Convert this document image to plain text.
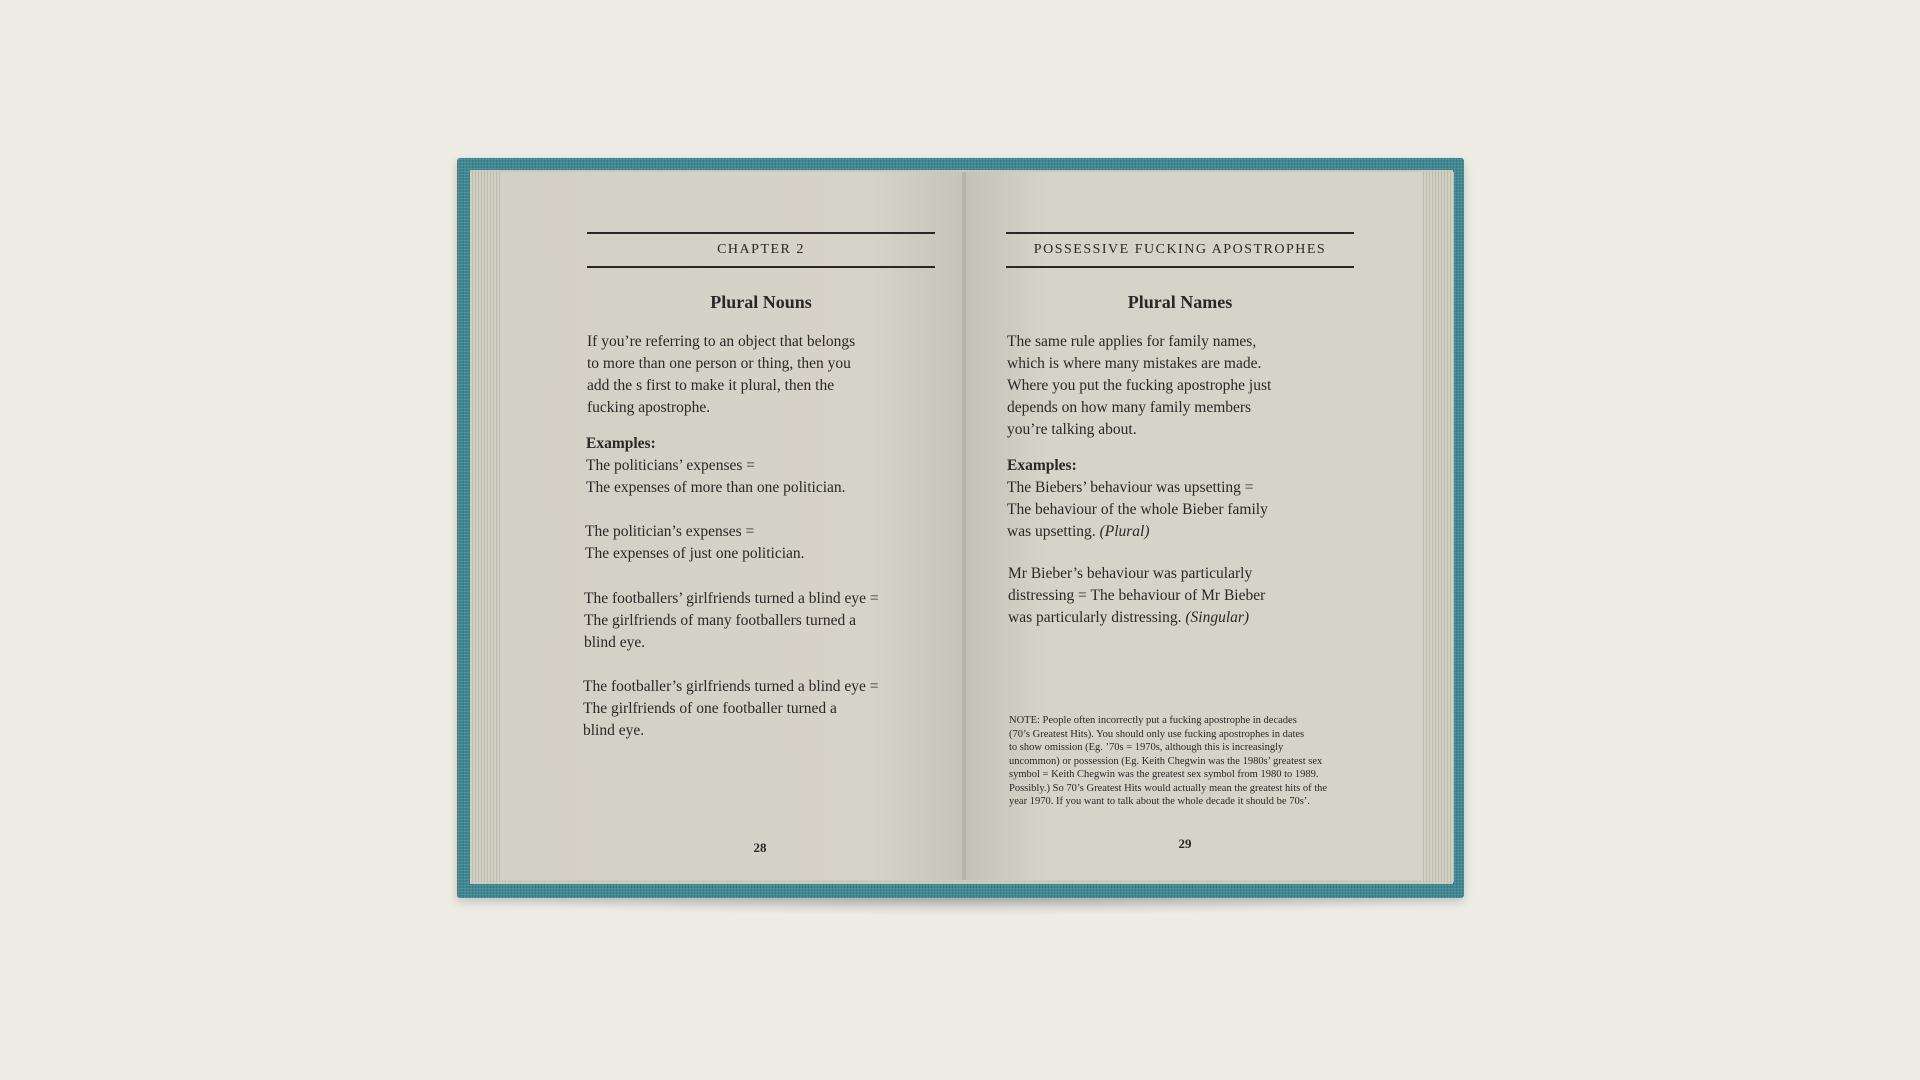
CHAPTER 2
Plural Nouns
If you’re referring to an object that belongs
to more than one person or thing, then you
add the s first to make it plural, then the
fucking apostrophe.
Examples:
The politicians’ expenses =
The expenses of more than one politician.
The politician’s expenses =
The expenses of just one politician.
The footballers’ girlfriends turned a blind eye =
The girlfriends of many footballers turned a
blind eye.
The footballer’s girlfriends turned a blind eye =
The girlfriends of one footballer turned a
blind eye.
28
POSSESSIVE FUCKING APOSTROPHES
Plural Names
The same rule applies for family names,
which is where many mistakes are made.
Where you put the fucking apostrophe just
depends on how many family members
you’re talking about.
Examples:
The Biebers’ behaviour was upsetting =
The behaviour of the whole Bieber family
was upsetting. (Plural)
Mr Bieber’s behaviour was particularly
distressing = The behaviour of Mr Bieber
was particularly distressing. (Singular)
NOTE: People often incorrectly put a fucking apostrophe in decades
(70’s Greatest Hits). You should only use fucking apostrophes in dates
to show omission (Eg. ’70s = 1970s, although this is increasingly
uncommon) or possession (Eg. Keith Chegwin was the 1980s’ greatest sex
symbol = Keith Chegwin was the greatest sex symbol from 1980 to 1989.
Possibly.) So 70’s Greatest Hits would actually mean the greatest hits of the
year 1970. If you want to talk about the whole decade it should be 70s’.
29
